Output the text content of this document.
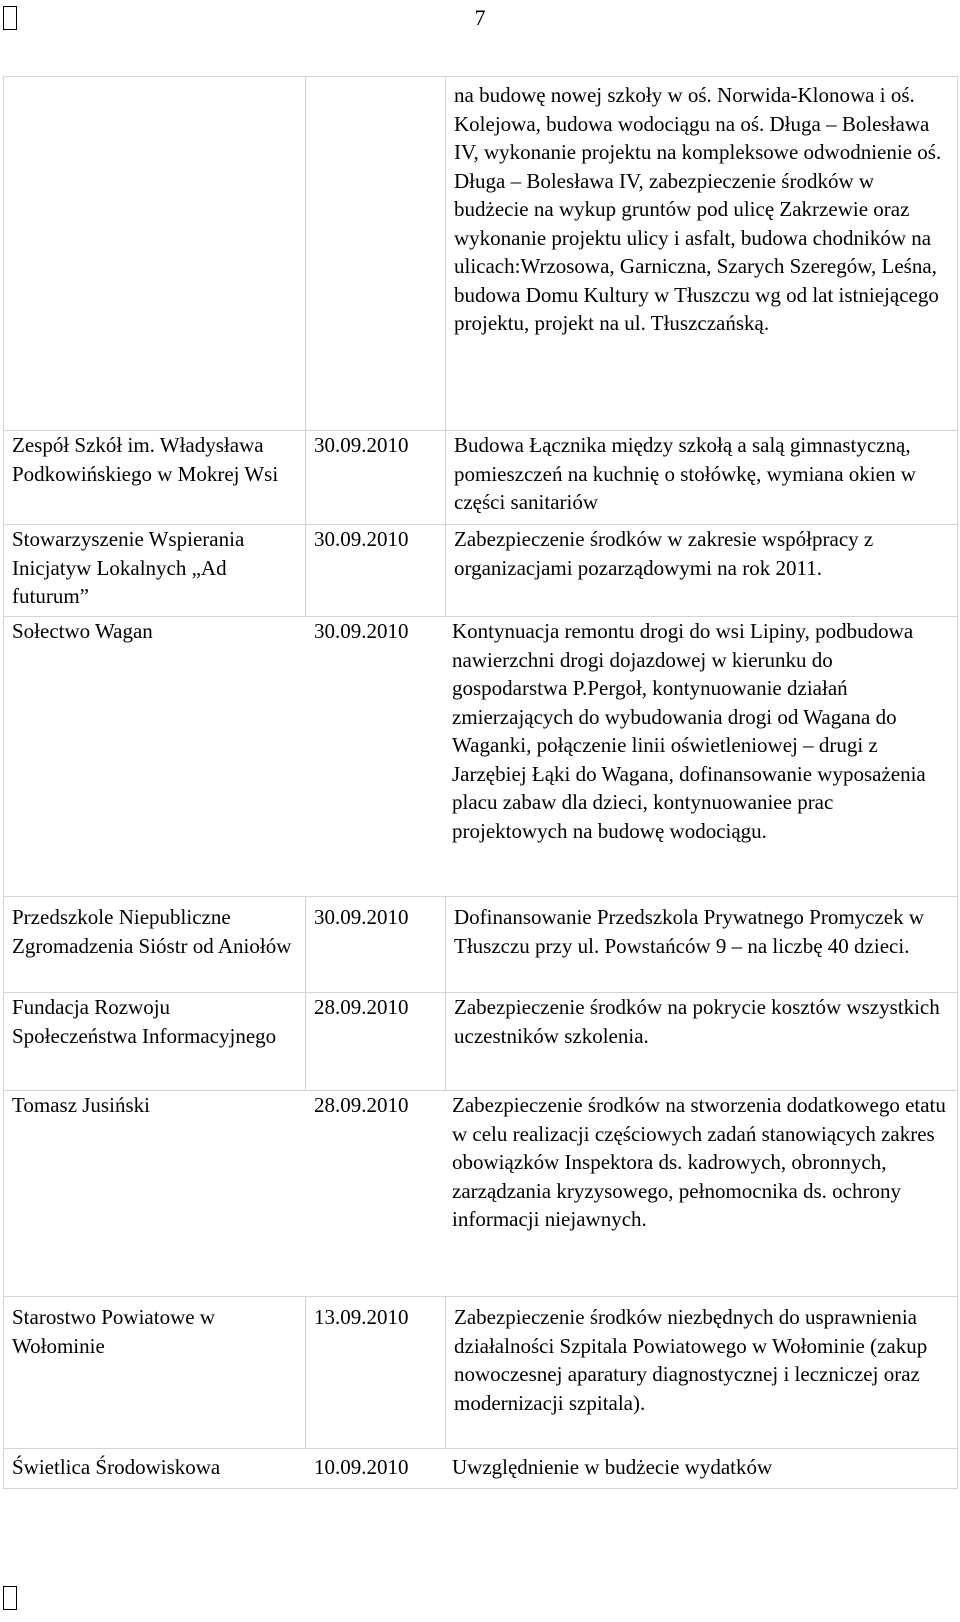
7
		na budowę nowej szkoły w oś. Norwida-Klonowa i oś. Kolejowa, budowa wodociągu na oś. Długa – Bolesława IV, wykonanie projektu na kompleksowe odwodnienie oś. Długa – Bolesława IV, zabezpieczenie środków w budżecie na wykup gruntów pod ulicę Zakrzewie oraz wykonanie projektu ulicy i asfalt, budowa chodników na ulicach:Wrzosowa, Garniczna, Szarych Szeregów, Leśna, budowa Domu Kultury w Tłuszczu wg od lat istniejącego projektu, projekt na ul. Tłuszczańską.
Zespół Szkół im. Władysława Podkowińskiego w Mokrej Wsi	30.09.2010	Budowa Łącznika między szkołą a salą gimnastyczną, pomieszczeń na kuchnię o stołówkę, wymiana okien w części sanitariów
Stowarzyszenie Wspierania Inicjatyw Lokalnych „Ad futurum”	30.09.2010	Zabezpieczenie środków w zakresie współpracy z organizacjami pozarządowymi na rok 2011.

Sołectwo Wagan 30.09.2010 Kontynuacja remontu drogi do wsi Lipiny, podbudowa nawierzchni drogi dojazdowej w kierunku do gospodarstwa P.Pergoł, kontynuowanie działań zmierzających do wybudowania drogi od Wagana do Waganki, połączenie linii oświetleniowej – drugi z Jarzębiej Łąki do Wagana, dofinansowanie wyposażenia placu zabaw dla dzieci, kontynuowaniee prac projektowych na budowę wodociągu.		

Przedszkole Niepubliczne Zgromadzenia Sióstr od Aniołów	30.09.2010	Dofinansowanie Przedszkola Prywatnego Promyczek w Tłuszczu przy ul. Powstańców 9 – na liczbę 40 dzieci.
Fundacja Rozwoju Społeczeństwa Informacyjnego	28.09.2010	Zabezpieczenie środków na pokrycie kosztów wszystkich uczestników szkolenia.

Tomasz Jusiński 28.09.2010 Zabezpieczenie środków na stworzenia dodatkowego etatu w celu realizacji częściowych zadań stanowiących zakres obowiązków Inspektora ds. kadrowych, obronnych, zarządzania kryzysowego, pełnomocnika ds. ochrony informacji niejawnych.		

Starostwo Powiatowe w Wołominie	13.09.2010	Zabezpieczenie środków niezbędnych do usprawnienia działalności Szpitala Powiatowego w Wołominie (zakup nowoczesnej aparatury diagnostycznej i leczniczej oraz modernizacji szpitala).

Świetlica Środowiskowa 10.09.2010 Uwzględnienie w budżecie wydatków		
